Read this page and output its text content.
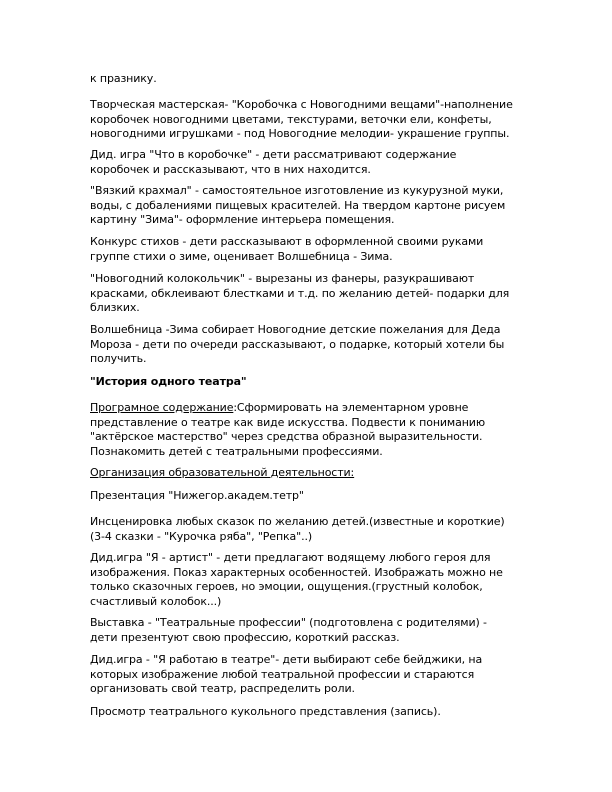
к празнику.

Творческая мастерская- "Коробочка с Новогодними вещами"-наполнение
коробочек новогодними цветами, текстурами, веточки ели, конфеты,
новогодними игрушками - под Новогодние мелодии- украшение группы.

Дид. игра "Что в коробочке" - дети рассматривают содержание
коробочек и рассказывают, что в них находится.

"Вязкий крахмал" - самостоятельное изготовление из кукурузной муки,
воды, с добалениями пищевых красителей. На твердом картоне рисуем
картину "Зима"- оформление интерьера помещения.

Конкурс стихов - дети рассказывают в оформленной своими руками
группе стихи о зиме, оценивает Волшебница - Зима.

"Новогодний колокольчик" - вырезаны из фанеры, разукрашивают
красками, обклеивают блестками и т.д. по желанию детей- подарки для
близких.

Волшебница -Зима собирает Новогодние детские пожелания для Деда
Мороза - дети по очереди рассказывают, о подарке, который хотели бы
получить.

"История одного театра"

Програмное содержание:Сформировать на элементарном уровне
представление о театре как виде искусства. Подвести к пониманию
"актёрское мастерство" через средства образной выразительности.
Познакомить детей с театральными профессиями.

Организация образовательной деятельности:

Презентация "Нижегор.академ.тетр"

Инсценировка любых сказок по желанию детей.(известные и короткие)
(3-4 сказки - "Курочка ряба", "Репка"..)

Дид.игра "Я - артист" - дети предлагают водящему любого героя для
изображения. Показ характерных особенностей. Изображать можно не
только сказочных героев, но эмоции, ощущения.(грустный колобок,
счастливый колобок...)

Выставка - "Театральные профессии" (подготовлена с родителями) -
дети презентуют свою профессию, короткий рассказ.

Дид.игра - "Я работаю в театре"- дети выбирают себе бейджики, на
которых изображение любой театральной профессии и стараются
организовать свой театр, распределить роли.

Просмотр театрального кукольного представления (запись).
